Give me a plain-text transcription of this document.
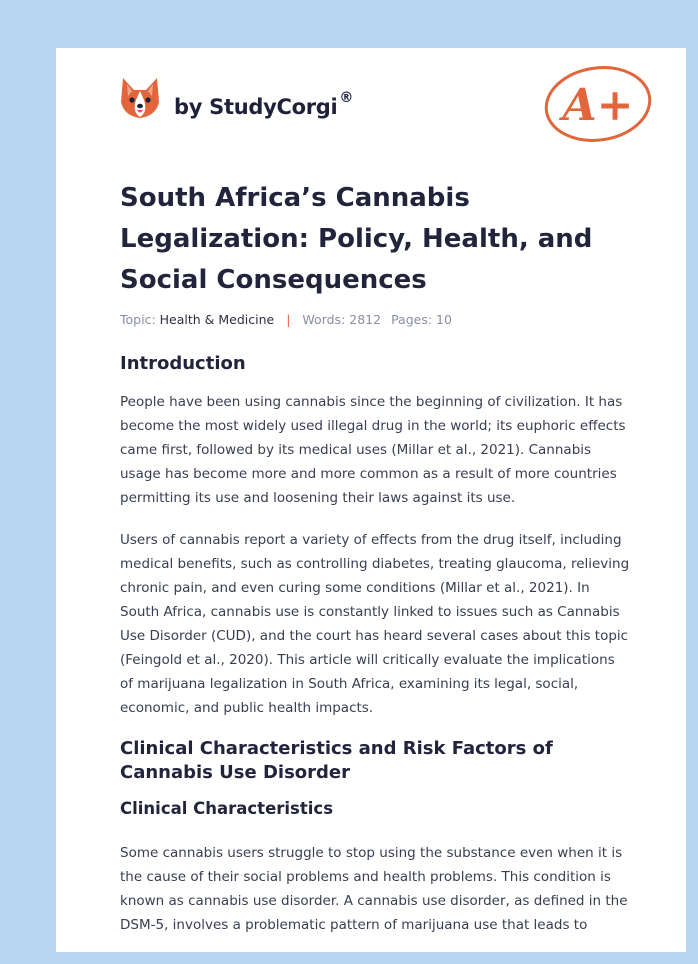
by StudyCorgi ®	A+
South Africa’s Cannabis Legalization: Policy, Health, and Social Consequences
Topic: Health & Medicine | Words: 2812 Pages: 10
Introduction

People have been using cannabis since the beginning of civilization. It has become the most widely used illegal drug in the world; its euphoric effects came first, followed by its medical uses (Millar et al., 2021). Cannabis usage has become more and more common as a result of more countries permitting its use and loosening their laws against its use.

Users of cannabis report a variety of effects from the drug itself, including medical benefits, such as controlling diabetes, treating glaucoma, relieving chronic pain, and even curing some conditions (Millar et al., 2021). In South Africa, cannabis use is constantly linked to issues such as Cannabis Use Disorder (CUD), and the court has heard several cases about this topic (Feingold et al., 2020). This article will critically evaluate the implications of marijuana legalization in South Africa, examining its legal, social, economic, and public health impacts.

Clinical Characteristics and Risk Factors of Cannabis Use Disorder
Clinical Characteristics

Some cannabis users struggle to stop using the substance even when it is the cause of their social problems and health problems. This condition is known as cannabis use disorder. A cannabis use disorder, as defined in the DSM-5, involves a problematic pattern of marijuana use that leads to
